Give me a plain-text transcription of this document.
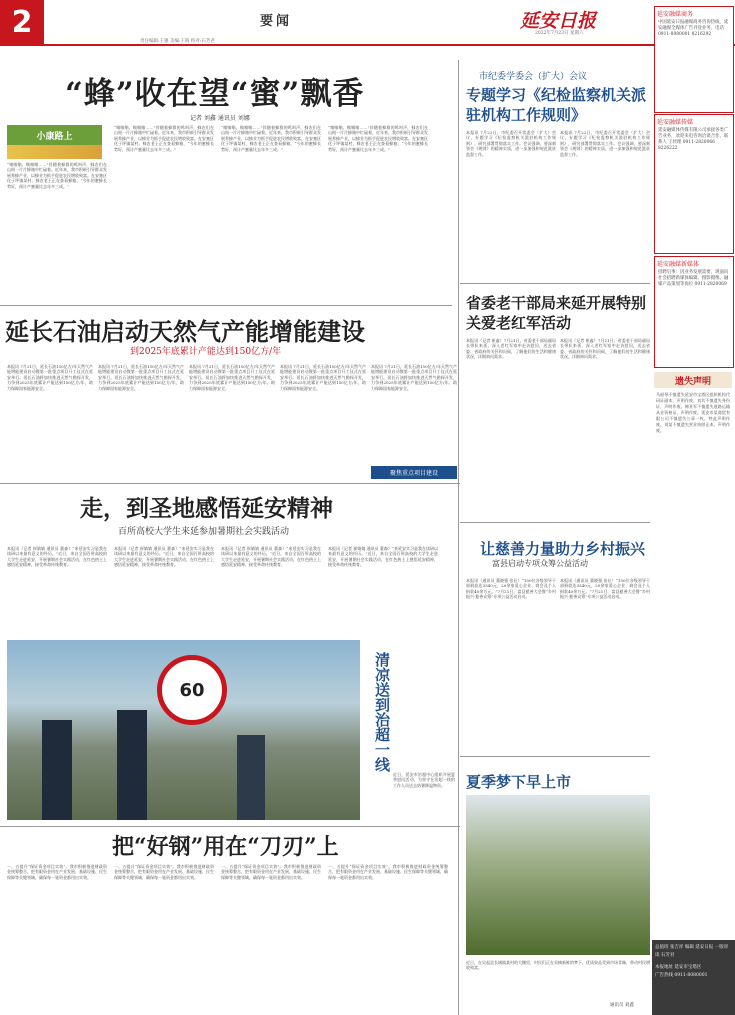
2	要闻	延安日报
2022年7月23日 星期六
责任编辑:王强 美编:王萌 校对:石芳君
“蜂”收在望“蜜”飘香
记者 刘鑫 通讯员 刘娜
小康路上
“嗡嗡嗡，嗡嗡嗡……”伴随着蜂群的鸣叫声，蜂农们在山间一片片蜂箱中忙碌着。近年来，我市积极引导群众发展养蜂产业，以蜂业为抓手促进农民增收致富。在安塞区化子坪镇某村，蜂农老王正在查看蜂箱，“今年的蜜蜂长势好，预计产蜜量比去年多三成。”
“嗡嗡嗡，嗡嗡嗡……”伴随着蜂群的鸣叫声，蜂农们在山间一片片蜂箱中忙碌着。近年来，我市积极引导群众发展养蜂产业，以蜂业为抓手促进农民增收致富。在安塞区化子坪镇某村，蜂农老王正在查看蜂箱，“今年的蜜蜂长势好，预计产蜜量比去年多三成。”
“嗡嗡嗡，嗡嗡嗡……”伴随着蜂群的鸣叫声，蜂农们在山间一片片蜂箱中忙碌着。近年来，我市积极引导群众发展养蜂产业，以蜂业为抓手促进农民增收致富。在安塞区化子坪镇某村，蜂农老王正在查看蜂箱，“今年的蜜蜂长势好，预计产蜜量比去年多三成。”
“嗡嗡嗡，嗡嗡嗡……”伴随着蜂群的鸣叫声，蜂农们在山间一片片蜂箱中忙碌着。近年来，我市积极引导群众发展养蜂产业，以蜂业为抓手促进农民增收致富。在安塞区化子坪镇某村，蜂农老王正在查看蜂箱，“今年的蜜蜂长势好，预计产蜜量比去年多三成。”
延长石油启动天然气产能增能建设
到2025年底累计产能达到150亿方/年
本报讯 7月21日，延长石油150亿方/年天然气产能增能建设启动暨第一批重点项目开工仪式在延安举行。延长石油将加快推进天然气勘探开发，力争到2025年底累计产能达到150亿方/年，助力保障国家能源安全。
本报讯 7月21日，延长石油150亿方/年天然气产能增能建设启动暨第一批重点项目开工仪式在延安举行。延长石油将加快推进天然气勘探开发，力争到2025年底累计产能达到150亿方/年，助力保障国家能源安全。
本报讯 7月21日，延长石油150亿方/年天然气产能增能建设启动暨第一批重点项目开工仪式在延安举行。延长石油将加快推进天然气勘探开发，力争到2025年底累计产能达到150亿方/年，助力保障国家能源安全。
本报讯 7月21日，延长石油150亿方/年天然气产能增能建设启动暨第一批重点项目开工仪式在延安举行。延长石油将加快推进天然气勘探开发，力争到2025年底累计产能达到150亿方/年，助力保障国家能源安全。
本报讯 7月21日，延长石油150亿方/年天然气产能增能建设启动暨第一批重点项目开工仪式在延安举行。延长石油将加快推进天然气勘探开发，力争到2025年底累计产能达到150亿方/年，助力保障国家能源安全。
聚焦重点项目建设
走，到圣地感悟延安精神
百所高校大学生来延参加暑期社会实践活动
本报讯（记者 崔婧婧 通讯员 董森）“来延安实习是我在读研以来最有意义的经历。”近日，来自全国百所高校的大学生走进延安，开展暑期社会实践活动，在红色热土上感悟延安精神，接受革命传统教育。
本报讯（记者 崔婧婧 通讯员 董森）“来延安实习是我在读研以来最有意义的经历。”近日，来自全国百所高校的大学生走进延安，开展暑期社会实践活动，在红色热土上感悟延安精神，接受革命传统教育。
本报讯（记者 崔婧婧 通讯员 董森）“来延安实习是我在读研以来最有意义的经历。”近日，来自全国百所高校的大学生走进延安，开展暑期社会实践活动，在红色热土上感悟延安精神，接受革命传统教育。
本报讯（记者 崔婧婧 通讯员 董森）“来延安实习是我在读研以来最有意义的经历。”近日，来自全国百所高校的大学生走进延安，开展暑期社会实践活动，在红色热土上感悟延安精神，接受革命传统教育。
60	清凉送到治超一线
近日，延安市治超中心组织开展夏季慰问活动，为坚守在治超一线的工作人员送去防暑降温物资。
把“好钢”用在“刀刃”上
一、五提升“保证资金项目实效”。我市积极推进财政资金统筹整合，把有限资金用在产业发展、基础设施、民生保障等关键领域，确保每一笔资金都用出实效。
一、五提升“保证资金项目实效”。我市积极推进财政资金统筹整合，把有限资金用在产业发展、基础设施、民生保障等关键领域，确保每一笔资金都用出实效。
一、五提升“保证资金项目实效”。我市积极推进财政资金统筹整合，把有限资金用在产业发展、基础设施、民生保障等关键领域，确保每一笔资金都用出实效。
一、五提升“保证资金项目实效”。我市积极推进财政资金统筹整合，把有限资金用在产业发展、基础设施、民生保障等关键领域，确保每一笔资金都用出实效。
市纪委学委会（扩大）会议
专题学习《纪检监察机关派驻机构工作规则》
本报讯 7月22日，市纪委召开常委会（扩大）会议，专题学习《纪检监察机关派驻机构工作规则》，研究部署贯彻落实工作。会议强调，要深刻领会《规则》的精神实质，进一步加强和规范派驻监督工作。
本报讯 7月22日，市纪委召开常委会（扩大）会议，专题学习《纪检监察机关派驻机构工作规则》，研究部署贯彻落实工作。会议强调，要深刻领会《规则》的精神实质，进一步加强和规范派驻监督工作。
省委老干部局来延开展特别关爱老红军活动
本报讯（记者 崔鑫）7月21日，省委老干部局副局长带队来延，深入老红军家中走访慰问，送去省委、省政府的关怀和问候，了解他们的生活和健康状况，详细询问需求。
本报讯（记者 崔鑫）7月21日，省委老干部局副局长带队来延，深入老红军家中走访慰问，送去省委、省政府的关怀和问候，了解他们的生活和健康状况，详细询问需求。
让慈善力量助力乡村振兴
富县启动专项众筹公益活动
本报讯（通讯员 董晓强 张仕）“150位各级领导干部捐款达3540元，20余家爱心企业、商会及个人捐款40余万元。”7月21日，富县慈善大会暨“乡村振兴·慈善众筹”专项公益活动启动。
本报讯（通讯员 董晓强 张仕）“150位各级领导干部捐款达3540元，20余家爱心企业、商会及个人捐款40余万元。”7月21日，富县慈善大会暨“乡村振兴·慈善众筹”专项公益活动启动。
夏季梦下早上市
近日，在吴起县长城镇某村的大棚里，村民们正在采摘新鲜的梦下，优质果品受到市场青睐，带动村民增收致富。
通讯员 刘鑫
延安融媒商务
中国延安日报融媒商务咨询热线，延安融媒全媒体广告刊登业务，电话 0911-8080001 8216292
延安融媒传媒
延安融媒体传媒有限公司承接各类广告业务，欢迎来电咨询洽谈合作，联系人 王经理 0911-2820066 8226222
延安融媒新媒体
招聘启事：因业务发展需要，现面向社会招聘新媒体编辑、摄影摄像、融媒产品策划等岗位 0911-2820069
遗失声明
马韶琴不慎遗失延安市宝塔区组织机构代码证副本，声明作废。刘其不慎遗失身份证，声明作废。韩亚军不慎遗失道路运输从业资格证，声明作废。延安市某商贸有限公司不慎遗失公章一枚，特此声明作废。刘某不慎遗失营业执照正本，声明作废。
总值班 张吉祥 编辑 延安日报 一版审读 石芳君
本报地址 延安市宝塔区
广告热线 0911-8080001
